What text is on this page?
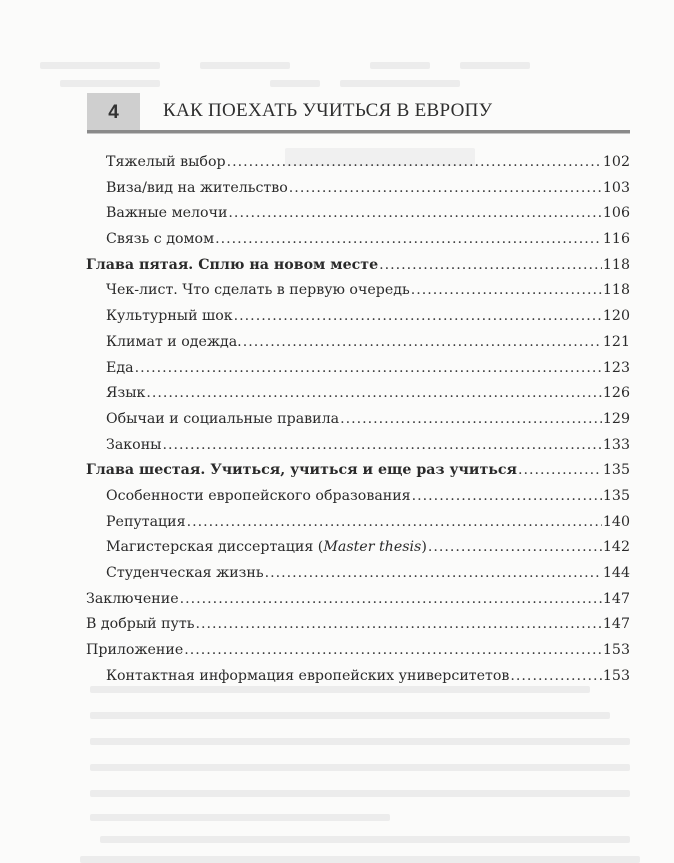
4	КАК ПОЕХАТЬ УЧИТЬСЯ В ЕВРОПУ
Тяжелый выбор .....	102
Виза/вид на жительство .....	103
Важные мелочи .....	106
Связь с домом .....	116
Глава пятая. Сплю на новом месте .....	118
Чек-лист. Что сделать в первую очередь .....	118
Культурный шок .....	120
Климат и одежда. .....	121
Еда .....	123
Язык .....	126
Обычаи и социальные правила .....	129
Законы .....	133
Глава шестая. Учиться, учиться и еще раз учиться .....	135
Особенности европейского образования .....	135
Репутация .....	140
Магистерская диссертация (Master thesis) .....	142
Студенческая жизнь .....	144
Заключение .....	147
В добрый путь .....	147
Приложение .....	153
Контактная информация европейских университетов .....	153
